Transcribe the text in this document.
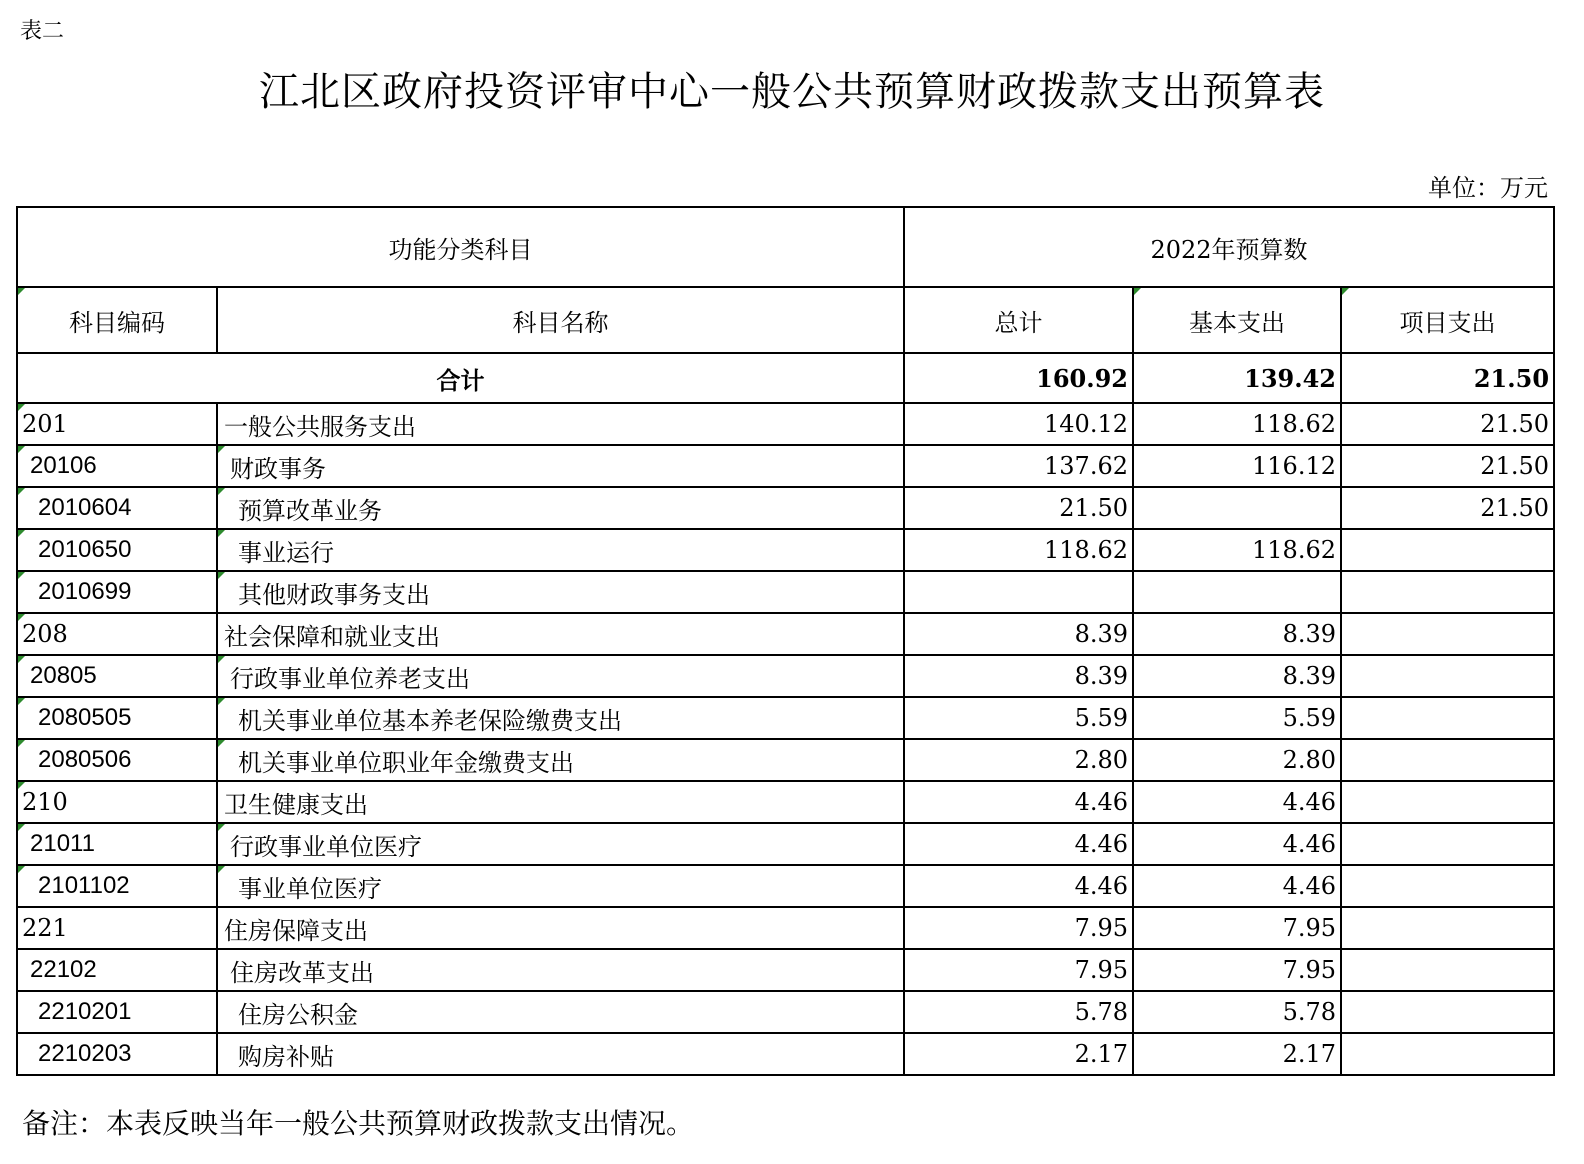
表二
江北区政府投资评审中心一般公共预算财政拨款支出预算表
单位：万元
功能分类科目		2022年预算数		
科目编码	科目名称	总计	基本支出	项目支出
合计		160.92	139.42	21.50
201	一般公共服务支出	140.12	118.62	21.50
20106	财政事务	137.62	116.12	21.50
2010604	预算改革业务	21.50		21.50
2010650	事业运行	118.62	118.62	
2010699	其他财政事务支出			
208	社会保障和就业支出	8.39	8.39	
20805	行政事业单位养老支出	8.39	8.39	
2080505	机关事业单位基本养老保险缴费支出	5.59	5.59	
2080506	机关事业单位职业年金缴费支出	2.80	2.80	
210	卫生健康支出	4.46	4.46	
21011	行政事业单位医疗	4.46	4.46	
2101102	事业单位医疗	4.46	4.46	
221	住房保障支出	7.95	7.95	
22102	住房改革支出	7.95	7.95	
2210201	住房公积金	5.78	5.78	
2210203	购房补贴	2.17	2.17	
备注：本表反映当年一般公共预算财政拨款支出情况。
